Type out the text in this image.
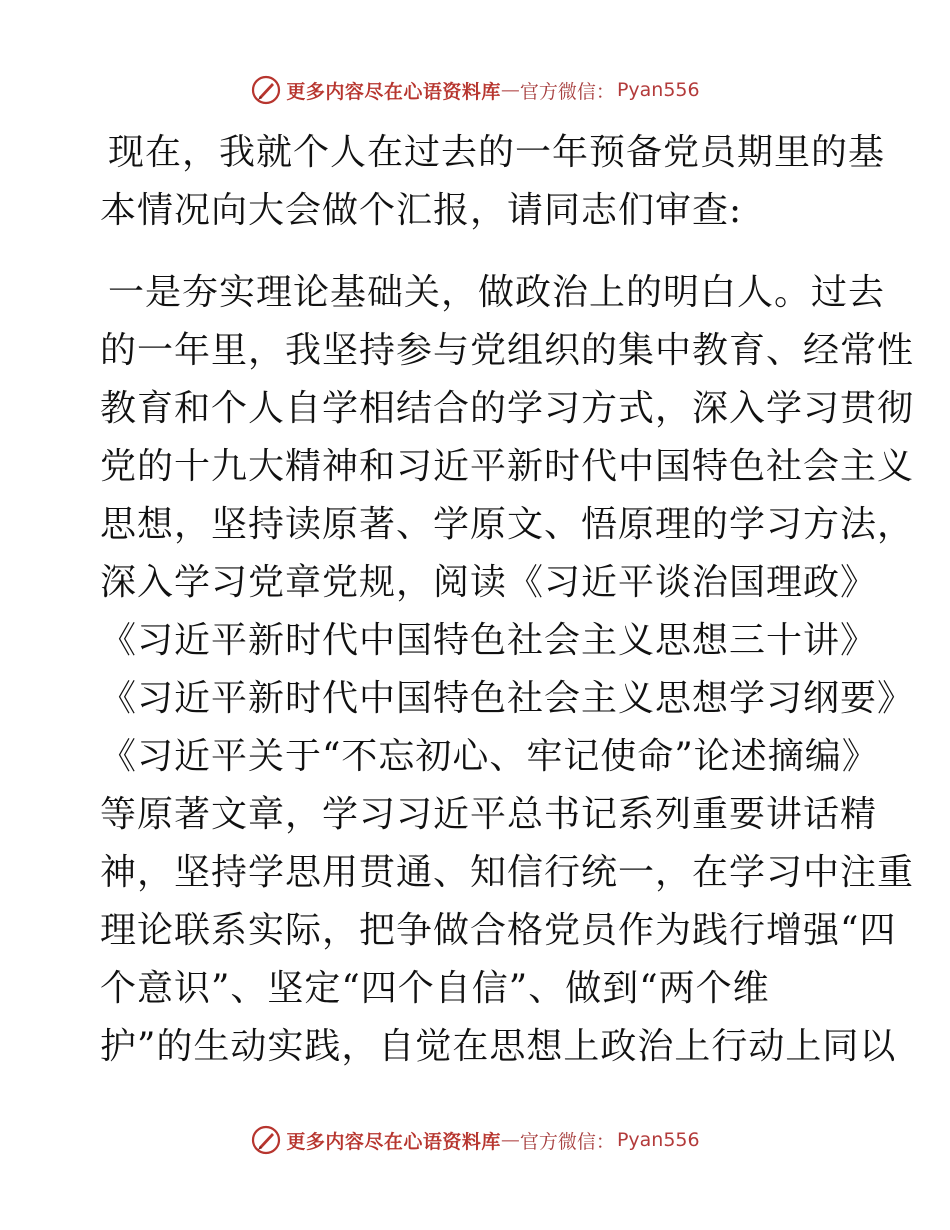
更多内容尽在心语资料库 — 官方微信： Pyan556
现在，我就个人在过去的一年预备党员期里的基
本情况向大会做个汇报，请同志们审查:
一是夯实理论基础关，做政治上的明白人。过去
的一年里，我坚持参与党组织的集中教育、经常性
教育和个人自学相结合的学习方式，深入学习贯彻
党的十九大精神和习近平新时代中国特色社会主义
思想，坚持读原著、学原文、悟原理的学习方法，
深入学习党章党规，阅读《习近平谈治国理政》
《习近平新时代中国特色社会主义思想三十讲》
《习近平新时代中国特色社会主义思想学习纲要》
《习近平关于“不忘初心、牢记使命”论述摘编》
等原著文章，学习习近平总书记系列重要讲话精
神，坚持学思用贯通、知信行统一，在学习中注重
理论联系实际，把争做合格党员作为践行增强“四
个意识”、坚定“四个自信”、做到“两个维
护”的生动实践，自觉在思想上政治上行动上同以
更多内容尽在心语资料库 — 官方微信： Pyan556
